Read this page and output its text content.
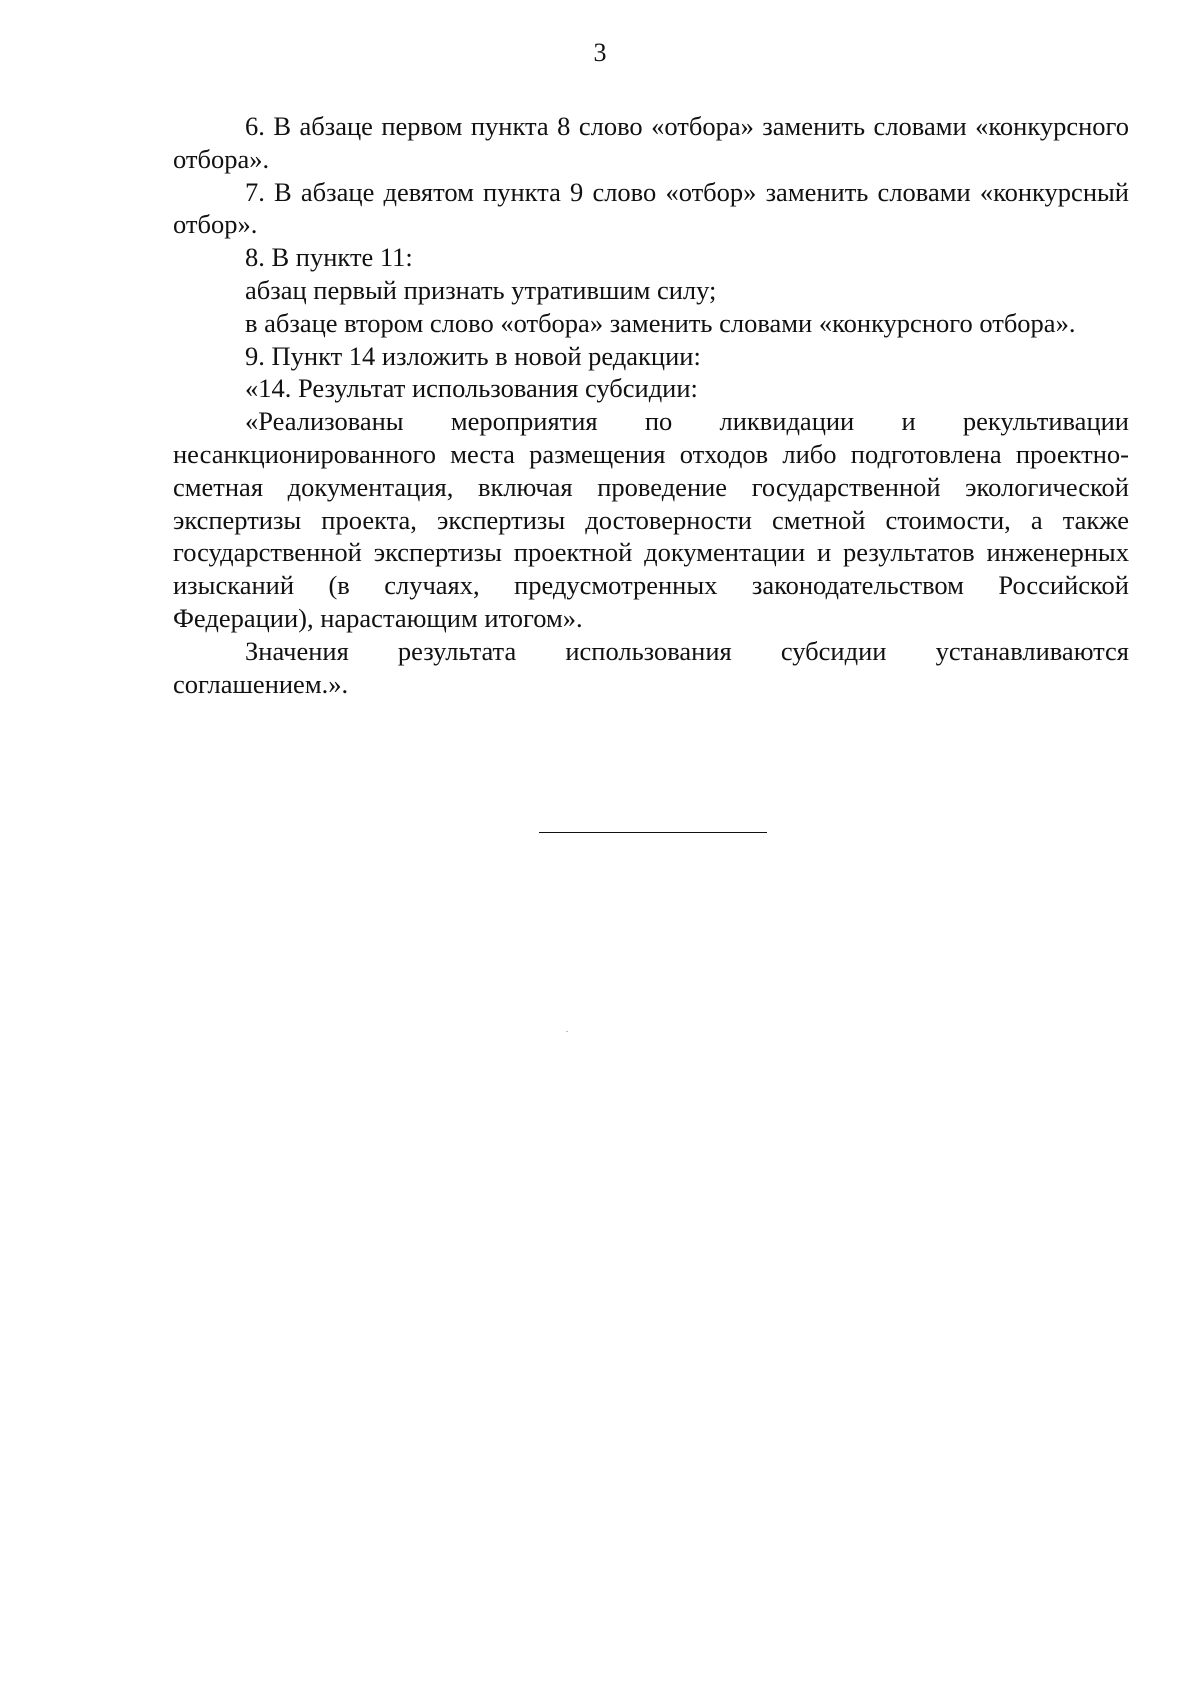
3

6. В абзаце первом пункта 8 слово «отбора» заменить словами «конкурсного отбора».

7. В абзаце девятом пункта 9 слово «отбор» заменить словами «конкурсный отбор».

8. В пункте 11:

абзац первый признать утратившим силу;

в абзаце втором слово «отбора» заменить словами «конкурсного отбора».

9. Пункт 14 изложить в новой редакции:

«14. Результат использования субсидии:

«Реализованы мероприятия по ликвидации и рекультивации несанкционированного места размещения отходов либо подготовлена проектно-сметная документация, включая проведение государственной экологической экспертизы проекта, экспертизы достоверности сметной стоимости, а также государственной экспертизы проектной документации и результатов инженерных изысканий (в случаях, предусмотренных законодательством Российской Федерации), нарастающим итогом».

Значения результата использования субсидии устанавливаются соглашением.».
